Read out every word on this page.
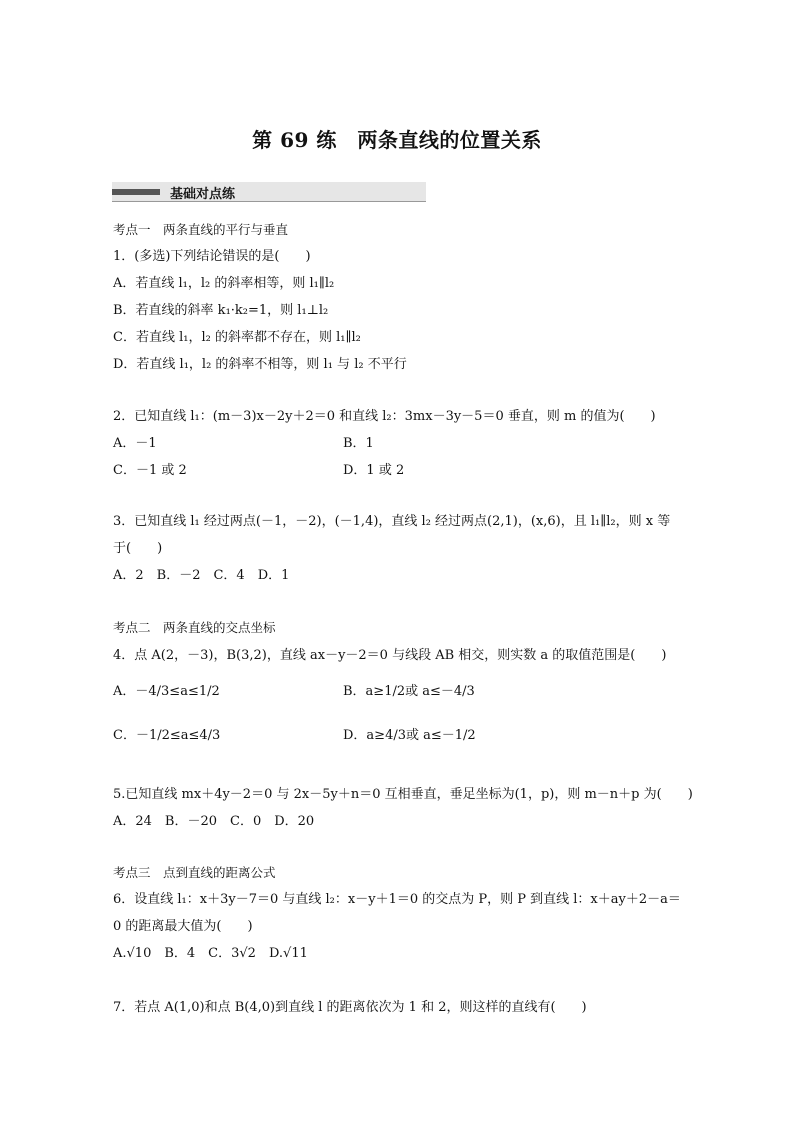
第 69 练　两条直线的位置关系
基础对点练
考点一　两条直线的平行与垂直
1．(多选)下列结论错误的是(　　)
A．若直线 l₁，l₂ 的斜率相等，则 l₁∥l₂
B．若直线的斜率 k₁·k₂=1，则 l₁⊥l₂
C．若直线 l₁，l₂ 的斜率都不存在，则 l₁∥l₂
D．若直线 l₁，l₂ 的斜率不相等，则 l₁ 与 l₂ 不平行
2．已知直线 l₁：(m－3)x－2y＋2＝0 和直线 l₂：3mx－3y－5＝0 垂直，则 m 的值为(　　)
A．－1	B．1
C．－1 或 2	D．1 或 2
3．已知直线 l₁ 经过两点(－1，－2)，(－1,4)，直线 l₂ 经过两点(2,1)，(x,6)，且 l₁∥l₂，则 x 等
于(　　)
A．2　B．－2　C．4　D．1
考点二　两条直线的交点坐标
4．点 A(2，－3)，B(3,2)，直线 ax－y－2＝0 与线段 AB 相交，则实数 a 的取值范围是(　　)
A．－4/3≤a≤1/2	B．a≥1/2或 a≤－4/3
C．－1/2≤a≤4/3	D．a≥4/3或 a≤－1/2
5.已知直线 mx＋4y－2＝0 与 2x－5y＋n＝0 互相垂直，垂足坐标为(1，p)，则 m－n＋p 为(　　)
A．24　B．－20　C．0　D．20
考点三　点到直线的距离公式
6．设直线 l₁：x＋3y－7＝0 与直线 l₂：x－y＋1＝0 的交点为 P，则 P 到直线 l：x＋ay＋2－a＝
0 的距离最大值为(　　)
A.√10　B．4　C．3√2　D.√11
7．若点 A(1,0)和点 B(4,0)到直线 l 的距离依次为 1 和 2，则这样的直线有(　　)
